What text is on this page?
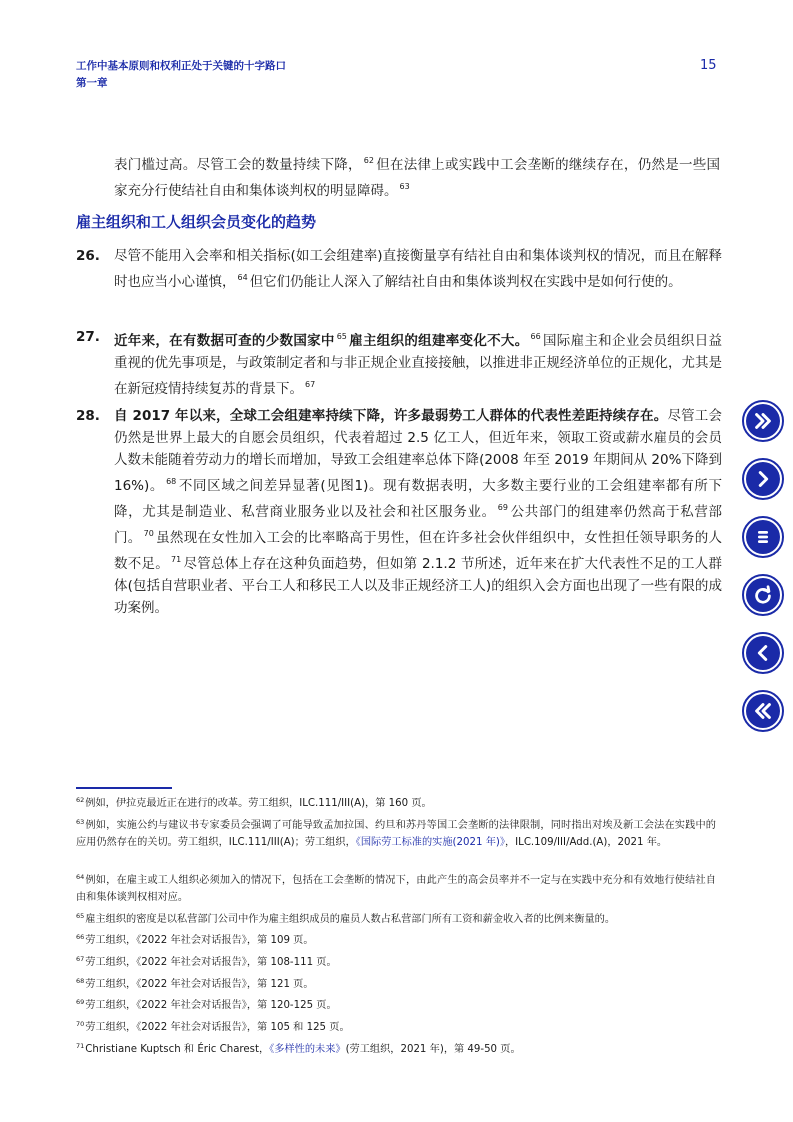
工作中基本原则和权利正处于关键的十字路口
第一章
15
表门槛过高。尽管工会的数量持续下降， $^{62}$ 但在法律上或实践中工会垄断的继续存在，仍然是一些国家充分行使结社自由和集体谈判权的明显障碍。 $^{63}$
雇主组织和工人组织会员变化的趋势
26. 尽管不能用入会率和相关指标(如工会组建率)直接衡量享有结社自由和集体谈判权的情况，而且在解释时也应当小心谨慎， $^{64}$ 但它们仍能让人深入了解结社自由和集体谈判权在实践中是如何行使的。
27. 近年来，在有数据可查的少数国家中 $^{65}$ 雇主组织的组建率变化不大。 $^{66}$ 国际雇主和企业会员组织日益重视的优先事项是，与政策制定者和与非正规企业直接接触，以推进非正规经济单位的正规化，尤其是在新冠疫情持续复苏的背景下。 $^{67}$
28. 自 2017 年以来，全球工会组建率持续下降，许多最弱势工人群体的代表性差距持续存在。尽管工会仍然是世界上最大的自愿会员组织，代表着超过 2.5 亿工人，但近年来，领取工资或薪水雇员的会员人数未能随着劳动力的增长而增加，导致工会组建率总体下降(2008 年至 2019 年期间从 20%下降到 16%)。 $^{68}$ 不同区域之间差异显著(见图1)。现有数据表明，大多数主要行业的工会组建率都有所下降，尤其是制造业、私营商业服务业以及社会和社区服务业。 $^{69}$ 公共部门的组建率仍然高于私营部门。 $^{70}$ 虽然现在女性加入工会的比率略高于男性，但在许多社会伙伴组织中，女性担任领导职务的人数不足。 $^{71}$ 尽管总体上存在这种负面趋势，但如第 2.1.2 节所述，近年来在扩大代表性不足的工人群体(包括自营职业者、平台工人和移民工人以及非正规经济工人)的组织入会方面也出现了一些有限的成功案例。
$^{62}$例如，伊拉克最近正在进行的改革。劳工组织，ILC.111/III(A)，第 160 页。
$^{63}$例如，实施公约与建议书专家委员会强调了可能导致孟加拉国、约旦和苏丹等国工会垄断的法律限制，同时指出对埃及新工会法在实践中的应用仍然存在的关切。劳工组织，ILC.111/III(A)；劳工组织，《国际劳工标准的实施(2021 年)》，ILC.109/III/Add.(A)，2021 年。
$^{64}$例如，在雇主或工人组织必须加入的情况下，包括在工会垄断的情况下，由此产生的高会员率并不一定与在实践中充分和有效地行使结社自由和集体谈判权相对应。
$^{65}$雇主组织的密度是以私营部门公司中作为雇主组织成员的雇员人数占私营部门所有工资和薪金收入者的比例来衡量的。
$^{66}$劳工组织，《2022 年社会对话报告》，第 109 页。
$^{67}$劳工组织，《2022 年社会对话报告》，第 108-111 页。
$^{68}$劳工组织，《2022 年社会对话报告》，第 121 页。
$^{69}$劳工组织，《2022 年社会对话报告》，第 120-125 页。
$^{70}$劳工组织，《2022 年社会对话报告》，第 105 和 125 页。
$^{71}$Christiane Kuptsch 和 Éric Charest，《多样性的未来》(劳工组织，2021 年)，第 49-50 页。
